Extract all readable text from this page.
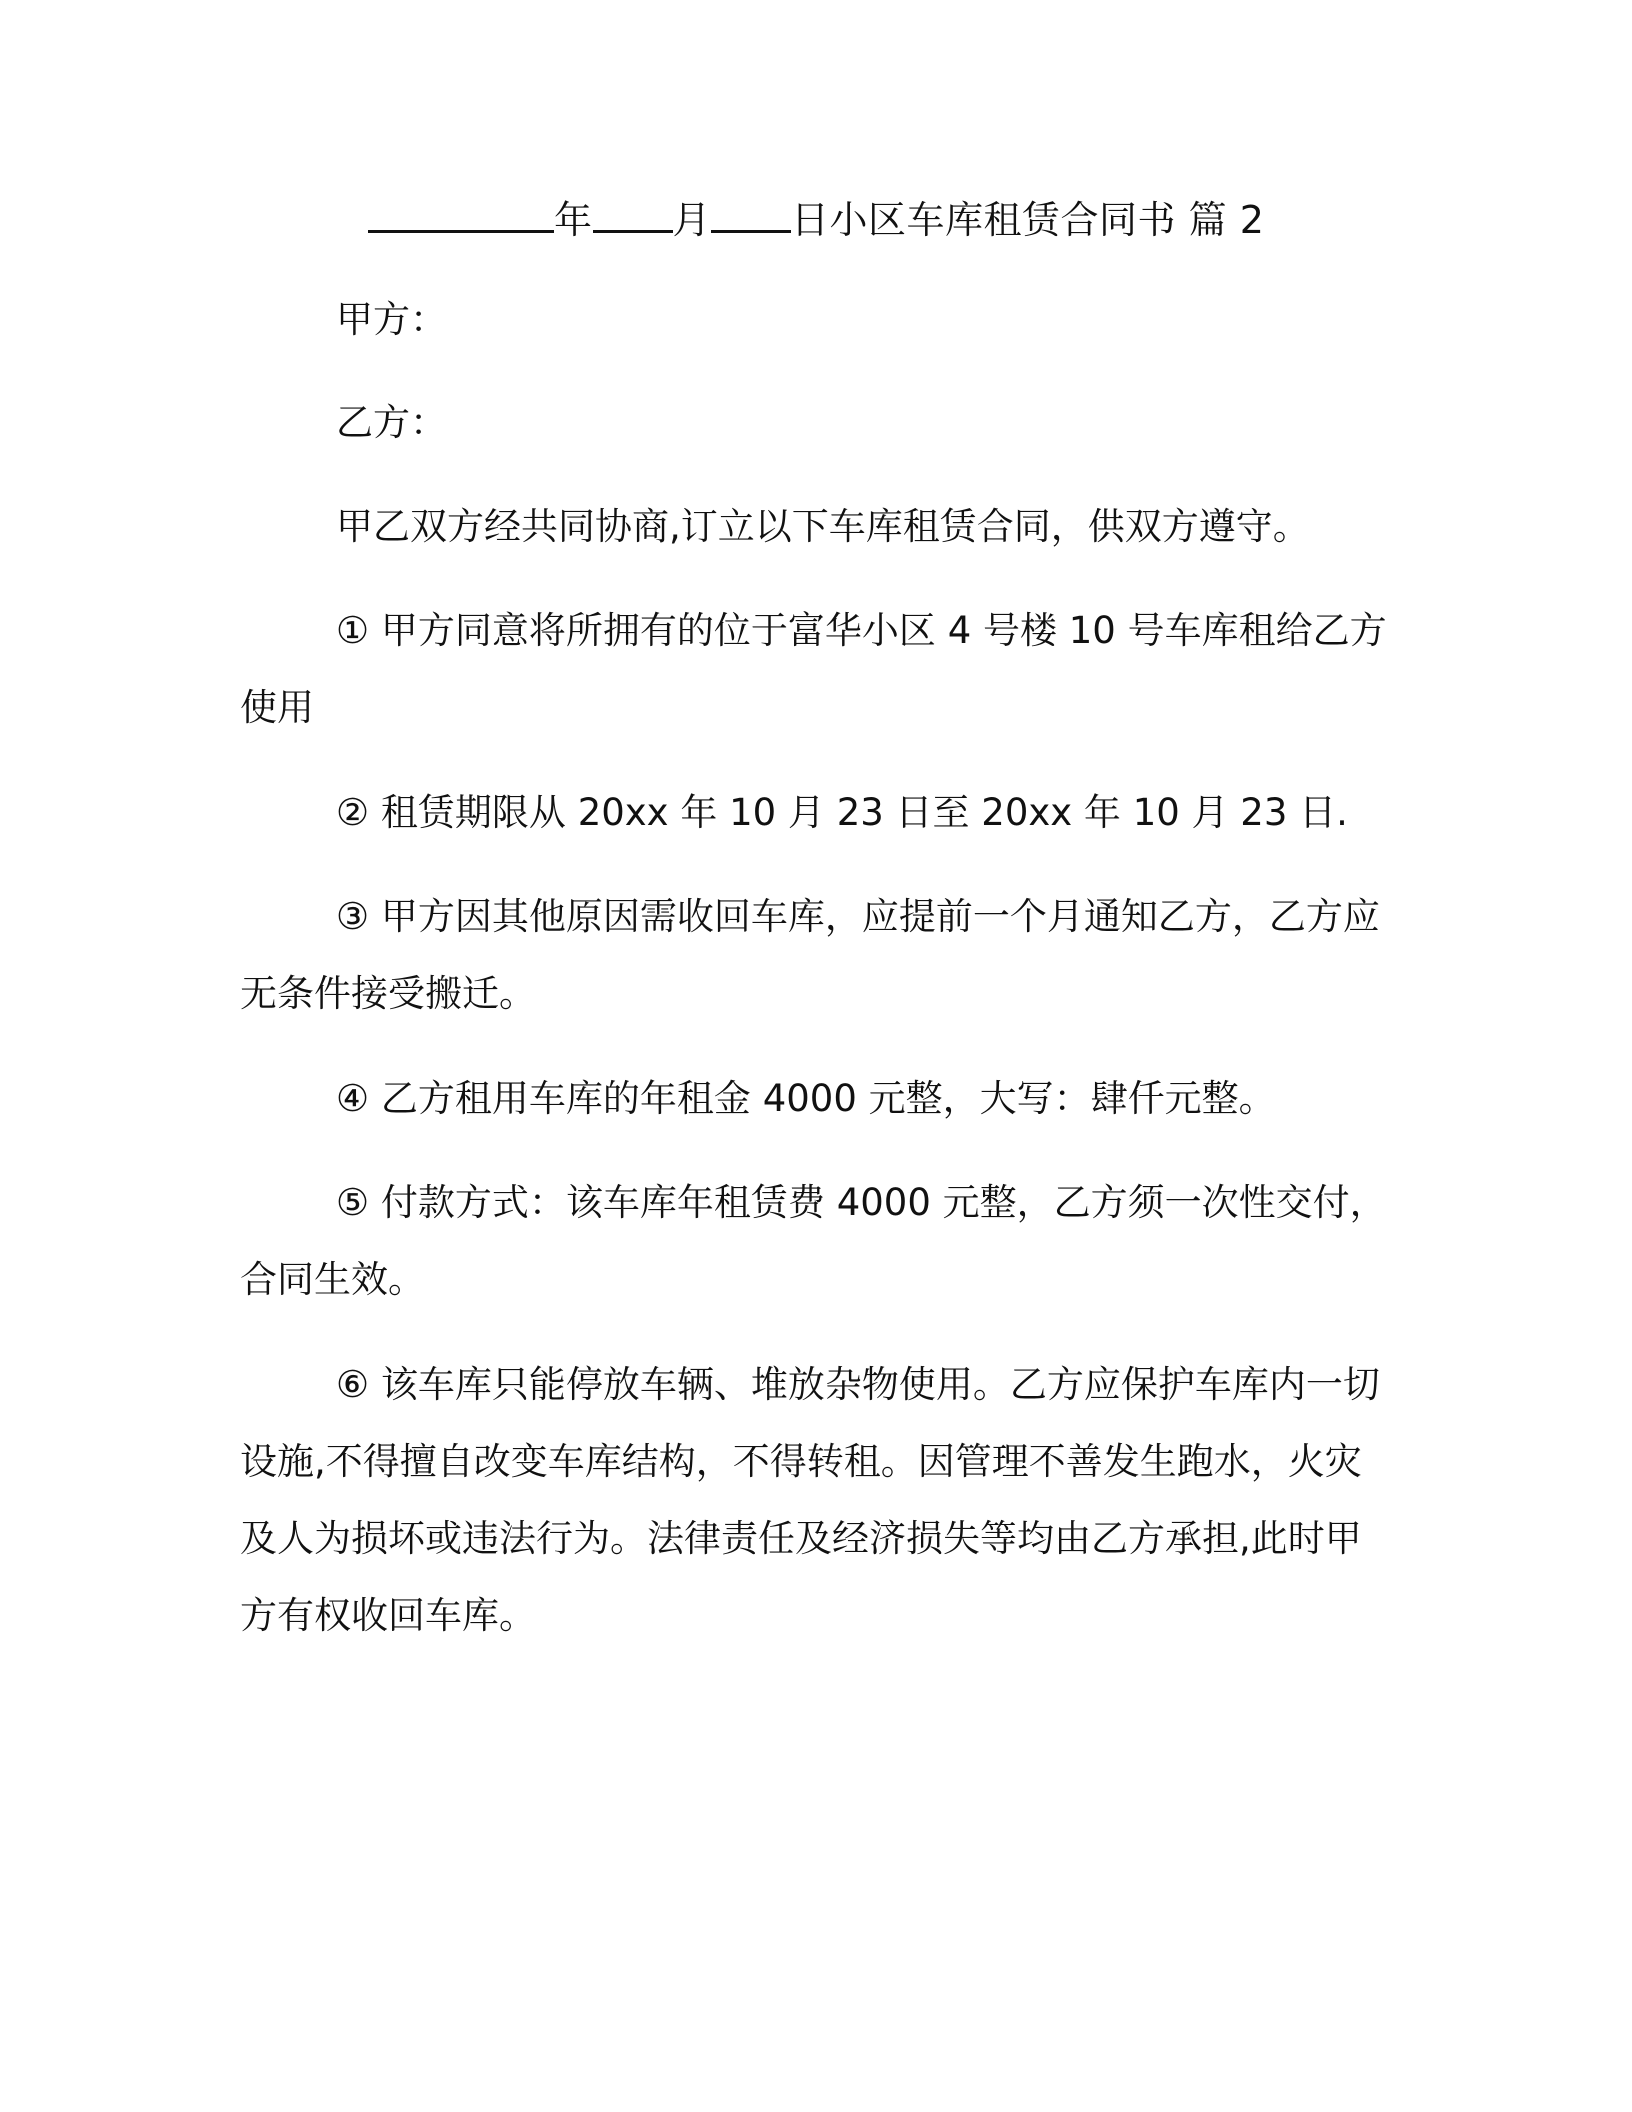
年 月 日小区车库租赁合同书 篇 2
甲方：
乙方：
甲乙双方经共同协商,订立以下车库租赁合同，供双方遵守。
① 甲方同意将所拥有的位于富华小区 4 号楼 10 号车库租给乙方使用
② 租赁期限从 20xx 年 10 月 23 日至 20xx 年 10 月 23 日.
③ 甲方因其他原因需收回车库，应提前一个月通知乙方，乙方应无条件接受搬迁。
④ 乙方租用车库的年租金 4000 元整，大写：肆仟元整。
⑤ 付款方式：该车库年租赁费 4000 元整，乙方须一次性交付，合同生效。
⑥ 该车库只能停放车辆、堆放杂物使用。乙方应保护车库内一切设施,不得擅自改变车库结构，不得转租。因管理不善发生跑水，火灾及人为损坏或违法行为。法律责任及经济损失等均由乙方承担,此时甲方有权收回车库。
